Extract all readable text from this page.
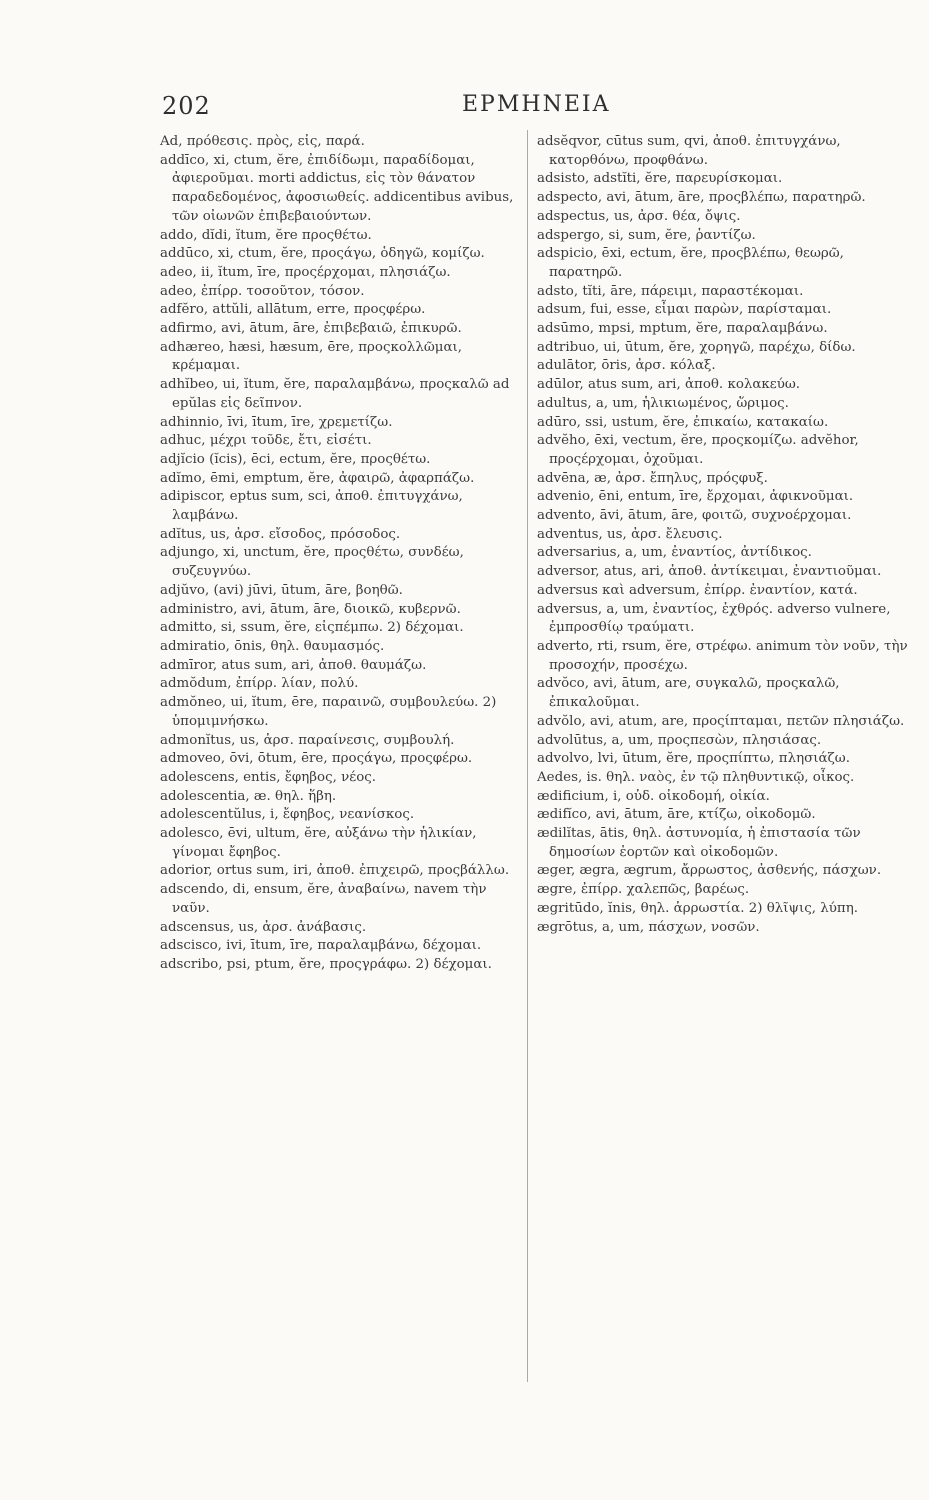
202	ΕΡΜΗΝΕΙΑ

Ad, πρόθεσις. πρὸς, εἰς, παρά.

addīco, xi, ctum, ĕre, ἐπιδίδωμι, παραδίδομαι, ἀφιεροῦμαι. morti addictus, εἰς τὸν θάνατον παραδεδομένος, ἀφοσιωθείς. addicentibus avibus, τῶν οἰωνῶν ἐπιβεβαιούντων.

addo, dĭdi, ĭtum, ĕre προςθέτω.

addūco, xi, ctum, ĕre, προςάγω, ὁδηγῶ, κομίζω.

adeo, ii, ĭtum, īre, προςέρχομαι, πλησιάζω.

adeo, ἐπίρρ. τοσοῦτον, τόσον.

adfĕro, attŭli, allātum, erre, προςφέρω.

adfirmo, avi, ātum, āre, ἐπιβεβαιῶ, ἐπικυρῶ.

adhæreo, hæsi, hæsum, ēre, προςκολλῶμαι, κρέμαμαι.

adhĭbeo, ui, ĭtum, ĕre, παραλαμβάνω, προςκαλῶ ad epŭlas εἰς δεῖπνον.

adhinnio, īvi, ītum, īre, χρεμετίζω.

adhuc, μέχρι τοῦδε, ἔτι, εἰσέτι.

adjĭcio (ĭcis), ēci, ectum, ĕre, προςθέτω.

adĭmo, ēmi, emptum, ĕre, ἀφαιρῶ, ἀφαρπάζω.

adipiscor, eptus sum, sci, ἀποθ. ἐπιτυγχάνω, λαμβάνω.

adĭtus, us, ἀρσ. εἴσοδος, πρόσοδος.

adjungo, xi, unctum, ĕre, προςθέτω, συνδέω, συζευγνύω.

adjŭvo, (avi) jūvi, ūtum, āre, βοηθῶ.

administro, avi, ātum, āre, διοικῶ, κυβερνῶ.

admitto, si, ssum, ĕre, εἰςπέμπω. 2) δέχομαι.

admiratio, ōnis, θηλ. θαυμασμός.

admīror, atus sum, ari, ἀποθ. θαυμάζω.

admŏdum, ἐπίρρ. λίαν, πολύ.

admŏneo, ui, ĭtum, ēre, παραινῶ, συμβουλεύω. 2) ὑπομιμνήσκω.

admonĭtus, us, ἀρσ. παραίνεσις, συμβουλή.

admoveo, ōvi, ōtum, ēre, προςάγω, προςφέρω.

adolescens, entis, ἔφηβος, νέος.

adolescentia, æ. θηλ. ἥβη.

adolescentŭlus, i, ἔφηβος, νεανίσκος.

adolesco, ēvi, ultum, ĕre, αὐξάνω τὴν ἡλικίαν, γίνομαι ἔφηβος.

adorior, ortus sum, iri, ἀποθ. ἐπιχειρῶ, προςβάλλω.

adscendo, di, ensum, ĕre, ἀναβαίνω, navem τὴν ναῦν.

adscensus, us, ἀρσ. ἀνάβασις.

adscisco, ivi, ītum, īre, παραλαμβάνω, δέχομαι.

adscribo, psi, ptum, ĕre, προςγράφω. 2) δέχομαι.

adsĕqvor, cūtus sum, qvi, ἀποθ. ἐπιτυγχάνω, κατορθόνω, προφθάνω.

adsisto, adstĭti, ĕre, παρευρίσκομαι.

adspecto, avi, ātum, āre, προςβλέπω, παρατηρῶ.

adspectus, us, ἀρσ. θέα, ὄψις.

adspergo, si, sum, ĕre, ῥαντίζω.

adspicio, ēxi, ectum, ĕre, προςβλέπω, θεωρῶ, παρατηρῶ.

adsto, tĭti, āre, πάρειμι, παραστέκομαι.

adsum, fui, esse, εἶμαι παρὼν, παρίσταμαι.

adsūmo, mpsi, mptum, ĕre, παραλαμβάνω.

adtribuo, ui, ūtum, ĕre, χορηγῶ, παρέχω, δίδω.

adulātor, ōris, ἀρσ. κόλαξ.

adūlor, atus sum, ari, ἀποθ. κολακεύω.

adultus, a, um, ἡλικιωμένος, ὥριμος.

adūro, ssi, ustum, ĕre, ἐπικαίω, κατακαίω.

advĕho, ēxi, vectum, ĕre, προςκομίζω. advĕhor, προςέρχομαι, ὀχοῦμαι.

advēna, æ, ἀρσ. ἔπηλυς, πρόςφυξ.

advenio, ēni, entum, īre, ἔρχομαι, ἀφικνοῦμαι.

advento, āvi, ātum, āre, φοιτῶ, συχνοέρχομαι.

adventus, us, ἀρσ. ἔλευσις.

adversarius, a, um, ἐναντίος, ἀντίδικος.

adversor, atus, ari, ἀποθ. ἀντίκειμαι, ἐναντιοῦμαι.

adversus καὶ adversum, ἐπίρρ. ἐναντίον, κατά.

adversus, a, um, ἐναντίος, ἐχθρός. adverso vulnere, ἐμπροσθίῳ τραύματι.

adverto, rti, rsum, ĕre, στρέφω. animum τὸν νοῦν, τὴν προσοχήν, προσέχω.

advŏco, avi, ātum, are, συγκαλῶ, προςκαλῶ, ἐπικαλοῦμαι.

advŏlo, avi, atum, are, προςίπταμαι, πετῶν πλησιάζω.

advolūtus, a, um, προςπεσὼν, πλησιάσας.

advolvo, lvi, ūtum, ĕre, προςπίπτω, πλησιάζω.

Aedes, is. θηλ. ναὸς, ἐν τῷ πληθυντικῷ, οἶκος.

ædificium, i, οὐδ. οἰκοδομή, οἰκία.

ædifĭco, avi, ātum, āre, κτίζω, οἰκοδομῶ.

ædilĭtas, ātis, θηλ. ἀστυνομία, ἡ ἐπιστασία τῶν δημοσίων ἑορτῶν καὶ οἰκοδομῶν.

æger, ægra, ægrum, ἄρρωστος, ἀσθενής, πάσχων.

ægre, ἐπίρρ. χαλεπῶς, βαρέως.

ægritūdo, ĭnis, θηλ. ἀρρωστία. 2) θλῖψις, λύπη.

ægrōtus, a, um, πάσχων, νοσῶν.
